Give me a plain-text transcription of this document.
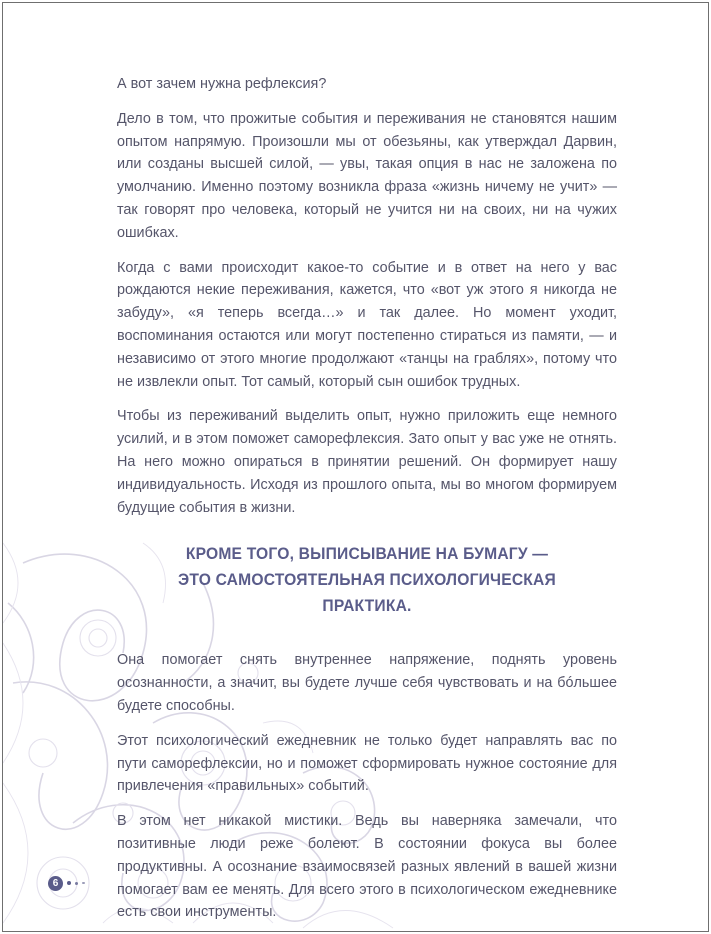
А вот зачем нужна рефлексия?

Дело в том, что прожитые события и переживания не становятся нашим опытом напрямую. Произошли мы от обезьяны, как утверждал Дарвин, или созданы высшей силой, — увы, такая опция в нас не заложена по умолчанию. Именно поэтому возникла фраза «жизнь ничему не учит» — так говорят про человека, который не учится ни на своих, ни на чужих ошибках.

Когда с вами происходит какое-то событие и в ответ на него у вас рождаются некие переживания, кажется, что «вот уж этого я никогда не забуду», «я теперь всегда…» и так далее. Но момент уходит, воспоминания остаются или могут постепенно стираться из памяти, — и независимо от этого многие продолжают «танцы на граблях», потому что не извлекли опыт. Тот самый, который сын ошибок трудных.

Чтобы из переживаний выделить опыт, нужно приложить еще немного усилий, и в этом поможет саморефлексия. Зато опыт у вас уже не отнять. На него можно опираться в принятии решений. Он формирует нашу индивидуальность. Исходя из прошлого опыта, мы во многом формируем будущие события в жизни.

КРОМЕ ТОГО, ВЫПИСЫВАНИЕ НА БУМАГУ —
ЭТО САМОСТОЯТЕЛЬНАЯ ПСИХОЛОГИЧЕСКАЯ ПРАКТИКА.

Она помогает снять внутреннее напряжение, поднять уровень осознанности, а значит, вы будете лучше себя чувствовать и на бóльшее будете способны.

Этот психологический ежедневник не только будет направлять вас по пути саморефлексии, но и поможет сформировать нужное состояние для привлечения «правильных» событий.

В этом нет никакой мистики. Ведь вы наверняка замечали, что позитивные люди реже болеют. В состоянии фокуса вы более продуктивны. А осознание взаимосвязей разных явлений в вашей жизни помогает вам ее менять. Для всего этого в психологическом ежедневнике есть свои инструменты.

6
